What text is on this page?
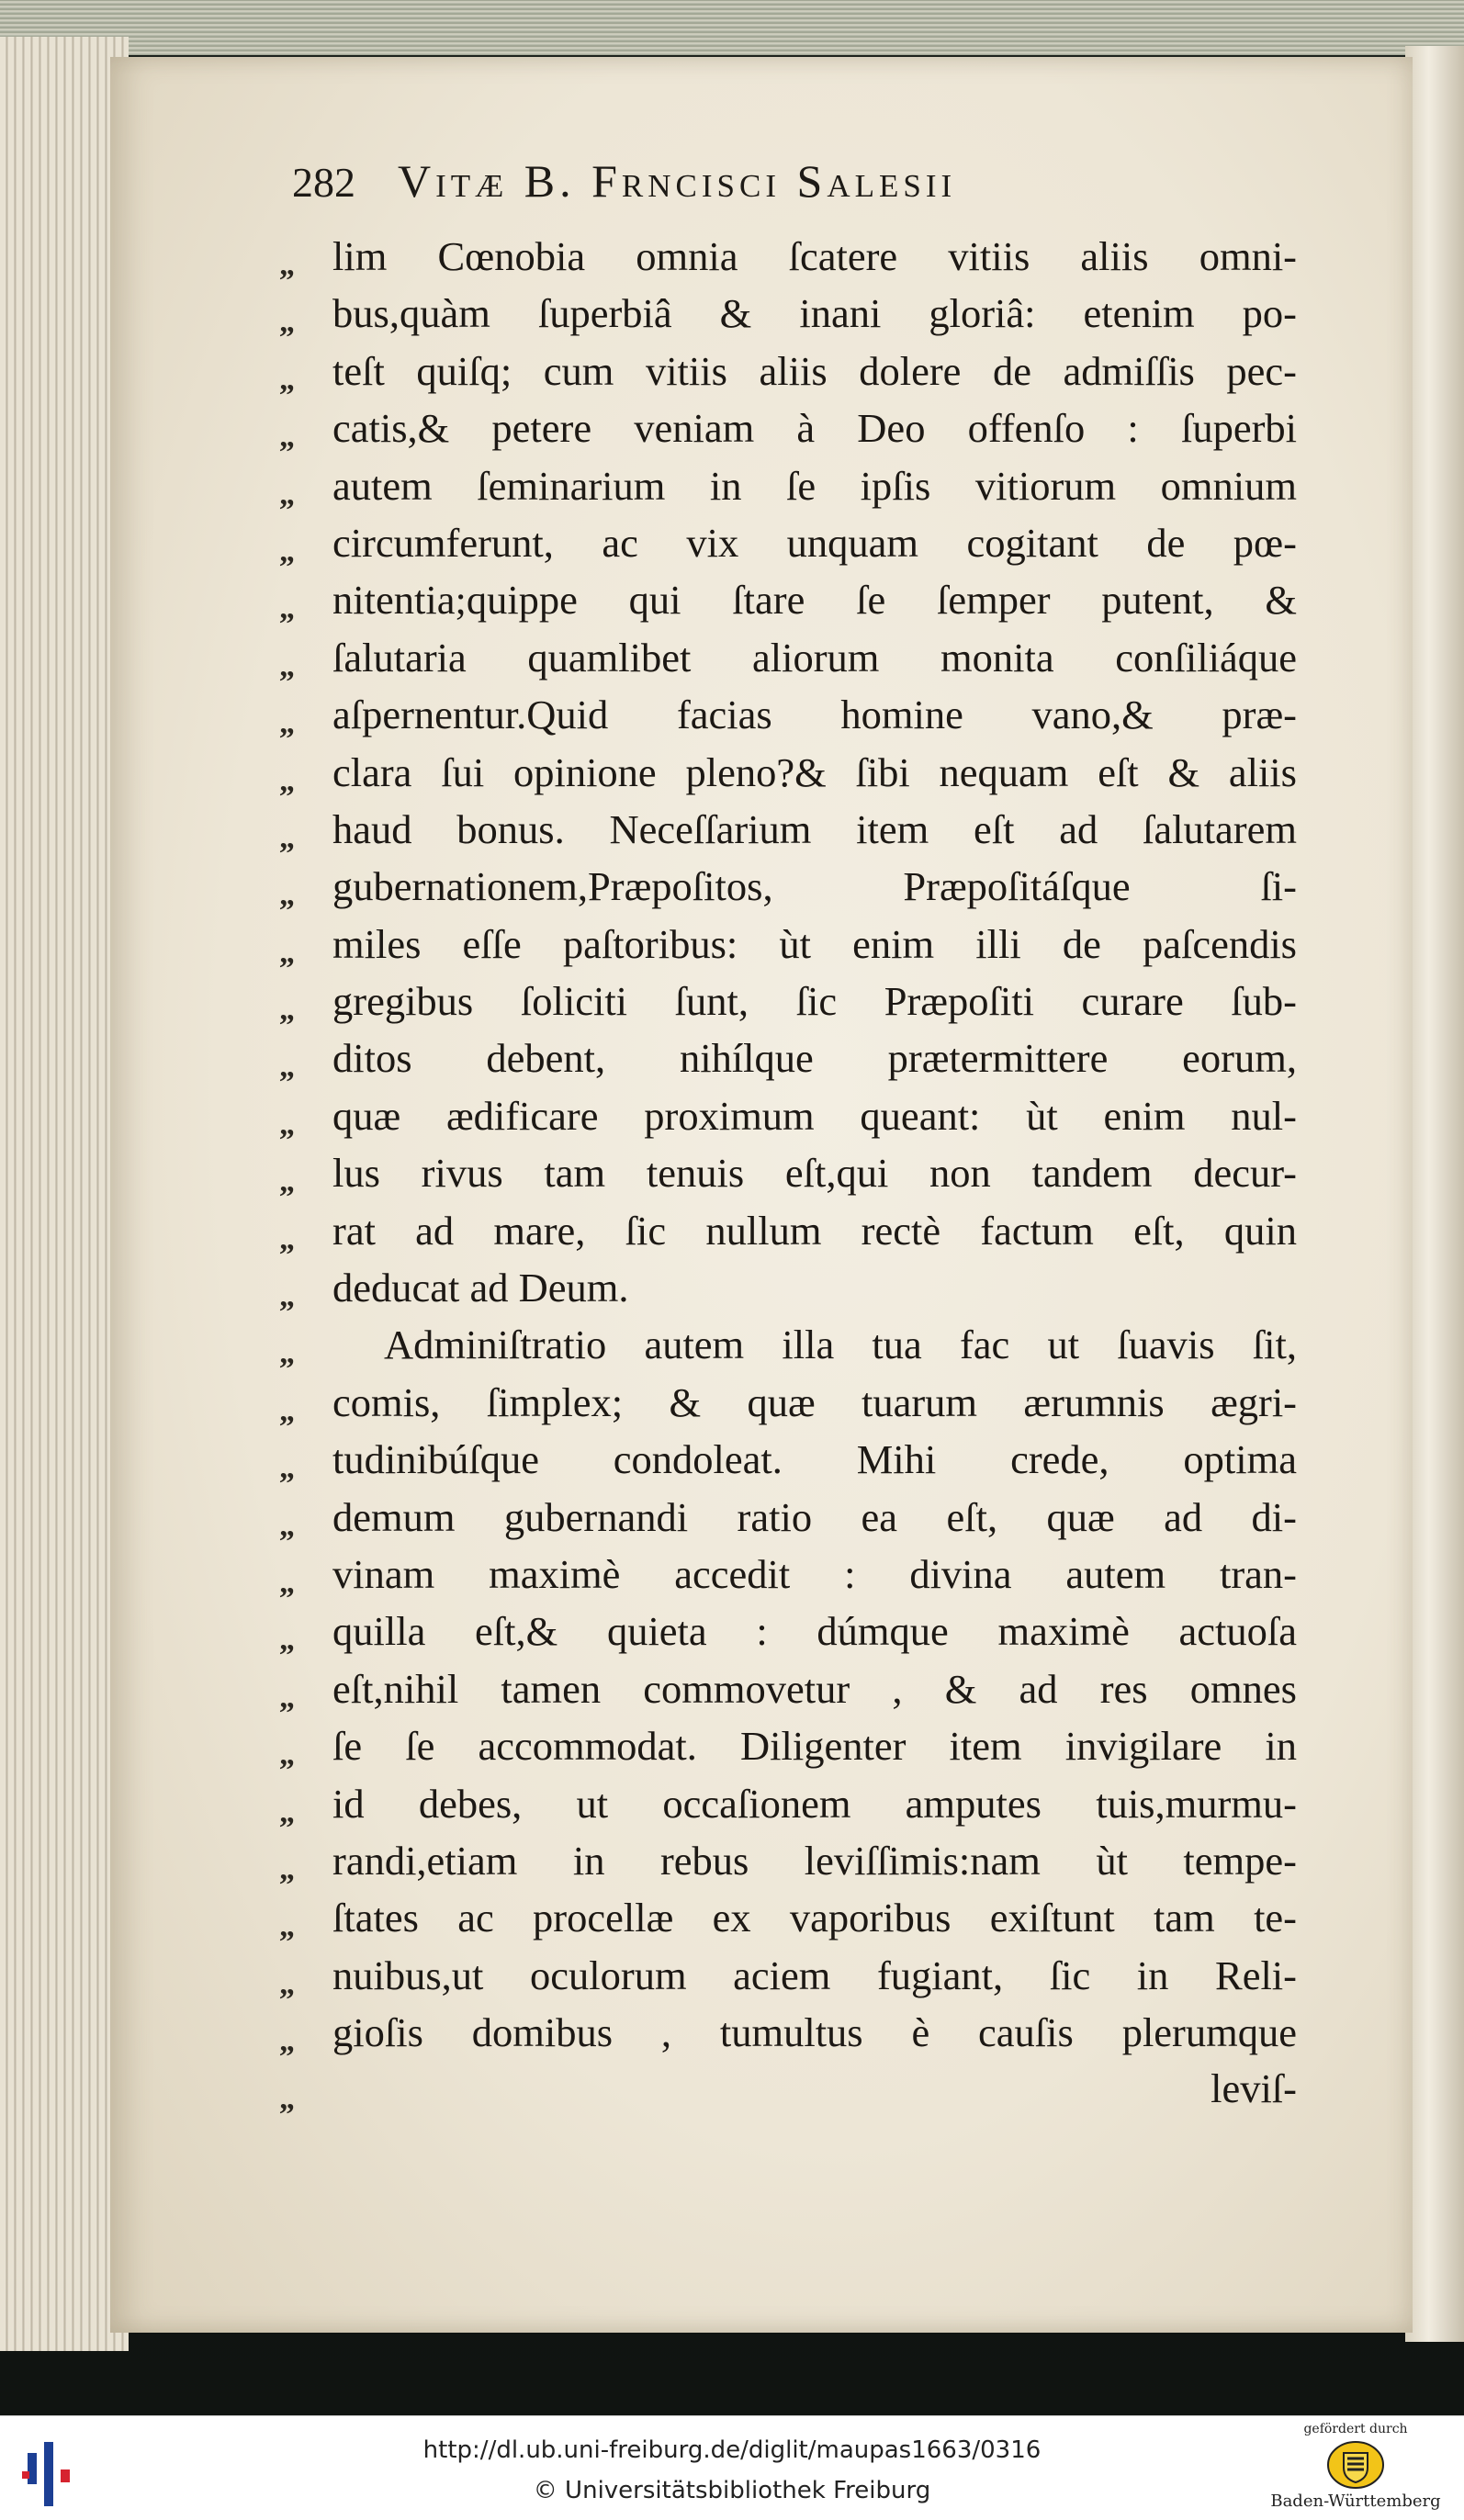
282 Vitæ B. Frncisci Salesii
„
„
„
„
„
„
„
„
„
„
„
„
„
„
„
„
„
„
„
„
„
„
„
„
„
„
„
„
„
„
„
„
„
lim Cœnobia omnia ſcatere vitiis aliis omni-
bus,quàm ſuperbiâ & inani gloriâ: etenim po-
teſt quiſq; cum vitiis aliis dolere de admiſſis pec-
catis,& petere veniam à Deo offenſo : ſuperbi
autem ſeminarium in ſe ipſis vitiorum omnium
circumferunt, ac vix unquam cogitant de pœ-
nitentia;quippe qui ſtare ſe ſemper putent, &
ſalutaria quamlibet aliorum monita conſiliáque
aſpernentur.Quid facias homine vano,& præ-
clara ſui opinione pleno?& ſibi nequam eſt & aliis
haud bonus. Neceſſarium item eſt ad ſalutarem
gubernationem,Præpoſitos, Præpoſitáſque ſi-
miles eſſe paſtoribus: ùt enim illi de paſcendis
gregibus ſoliciti ſunt, ſic Præpoſiti curare ſub-
ditos debent, nihílque prætermittere eorum,
quæ ædificare proximum queant: ùt enim nul-
lus rivus tam tenuis eſt,qui non tandem decur-
rat ad mare, ſic nullum rectè factum eſt, quin
deducat ad Deum.
Adminiſtratio autem illa tua fac ut ſuavis ſit,
comis, ſimplex; & quæ tuarum ærumnis ægri-
tudinibúſque condoleat. Mihi crede, optima
demum gubernandi ratio ea eſt, quæ ad di-
vinam maximè accedit : divina autem tran-
quilla eſt,& quieta : dúmque maximè actuoſa
eſt,nihil tamen commovetur , & ad res omnes
ſe ſe accommodat. Diligenter item invigilare in
id debes, ut occaſionem amputes tuis,murmu-
randi,etiam in rebus leviſſimis:nam ùt tempe-
ſtates ac procellæ ex vaporibus exiſtunt tam te-
nuibus,ut oculorum aciem fugiant, ſic in Reli-
gioſis domibus , tumultus è cauſis plerumque
leviſ-
http://dl.ub.uni-freiburg.de/diglit/maupas1663/0316
© Universitätsbibliothek Freiburg
gefördert durch
Baden-Württemberg
